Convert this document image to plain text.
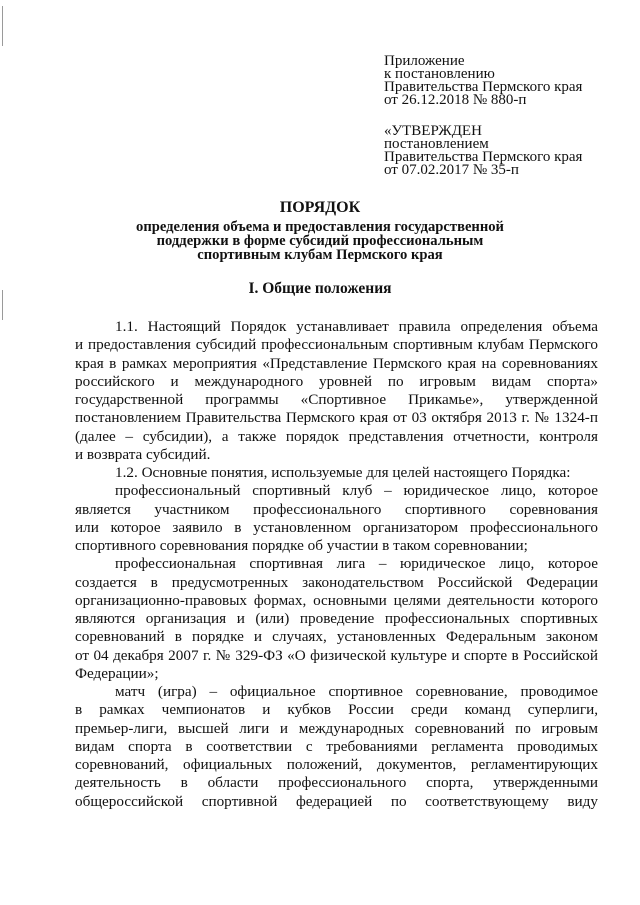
Приложение
к постановлению
Правительства Пермского края
от 26.12.2018 № 880-п
«УТВЕРЖДЕН
постановлением
Правительства Пермского края
от 07.02.2017 № 35-п
ПОРЯДОК
определения объема и предоставления государственной
поддержки в форме субсидий профессиональным
спортивным клубам Пермского края
I. Общие положения
1.1. Настоящий Порядок устанавливает правила определения объема
и предоставления субсидий профессиональным спортивным клубам Пермского
края в рамках мероприятия «Представление Пермского края на соревнованиях
российского и международного уровней по игровым видам спорта»
государственной программы «Спортивное Прикамье», утвержденной
постановлением Правительства Пермского края от 03 октября 2013 г. № 1324-п
(далее – субсидии), а также порядок представления отчетности, контроля
и возврата субсидий.
1.2. Основные понятия, используемые для целей настоящего Порядка:
профессиональный спортивный клуб – юридическое лицо, которое
является участником профессионального спортивного соревнования
или которое заявило в установленном организатором профессионального
спортивного соревнования порядке об участии в таком соревновании;
профессиональная спортивная лига – юридическое лицо, которое
создается в предусмотренных законодательством Российской Федерации
организационно-правовых формах, основными целями деятельности которого
являются организация и (или) проведение профессиональных спортивных
соревнований в порядке и случаях, установленных Федеральным законом
от 04 декабря 2007 г. № 329-ФЗ «О физической культуре и спорте в Российской
Федерации»;
матч (игра) – официальное спортивное соревнование, проводимое
в рамках чемпионатов и кубков России среди команд суперлиги,
премьер-лиги, высшей лиги и международных соревнований по игровым
видам спорта в соответствии с требованиями регламента проводимых
соревнований, официальных положений, документов, регламентирующих
деятельность в области профессионального спорта, утвержденными
общероссийской спортивной федерацией по соответствующему виду
